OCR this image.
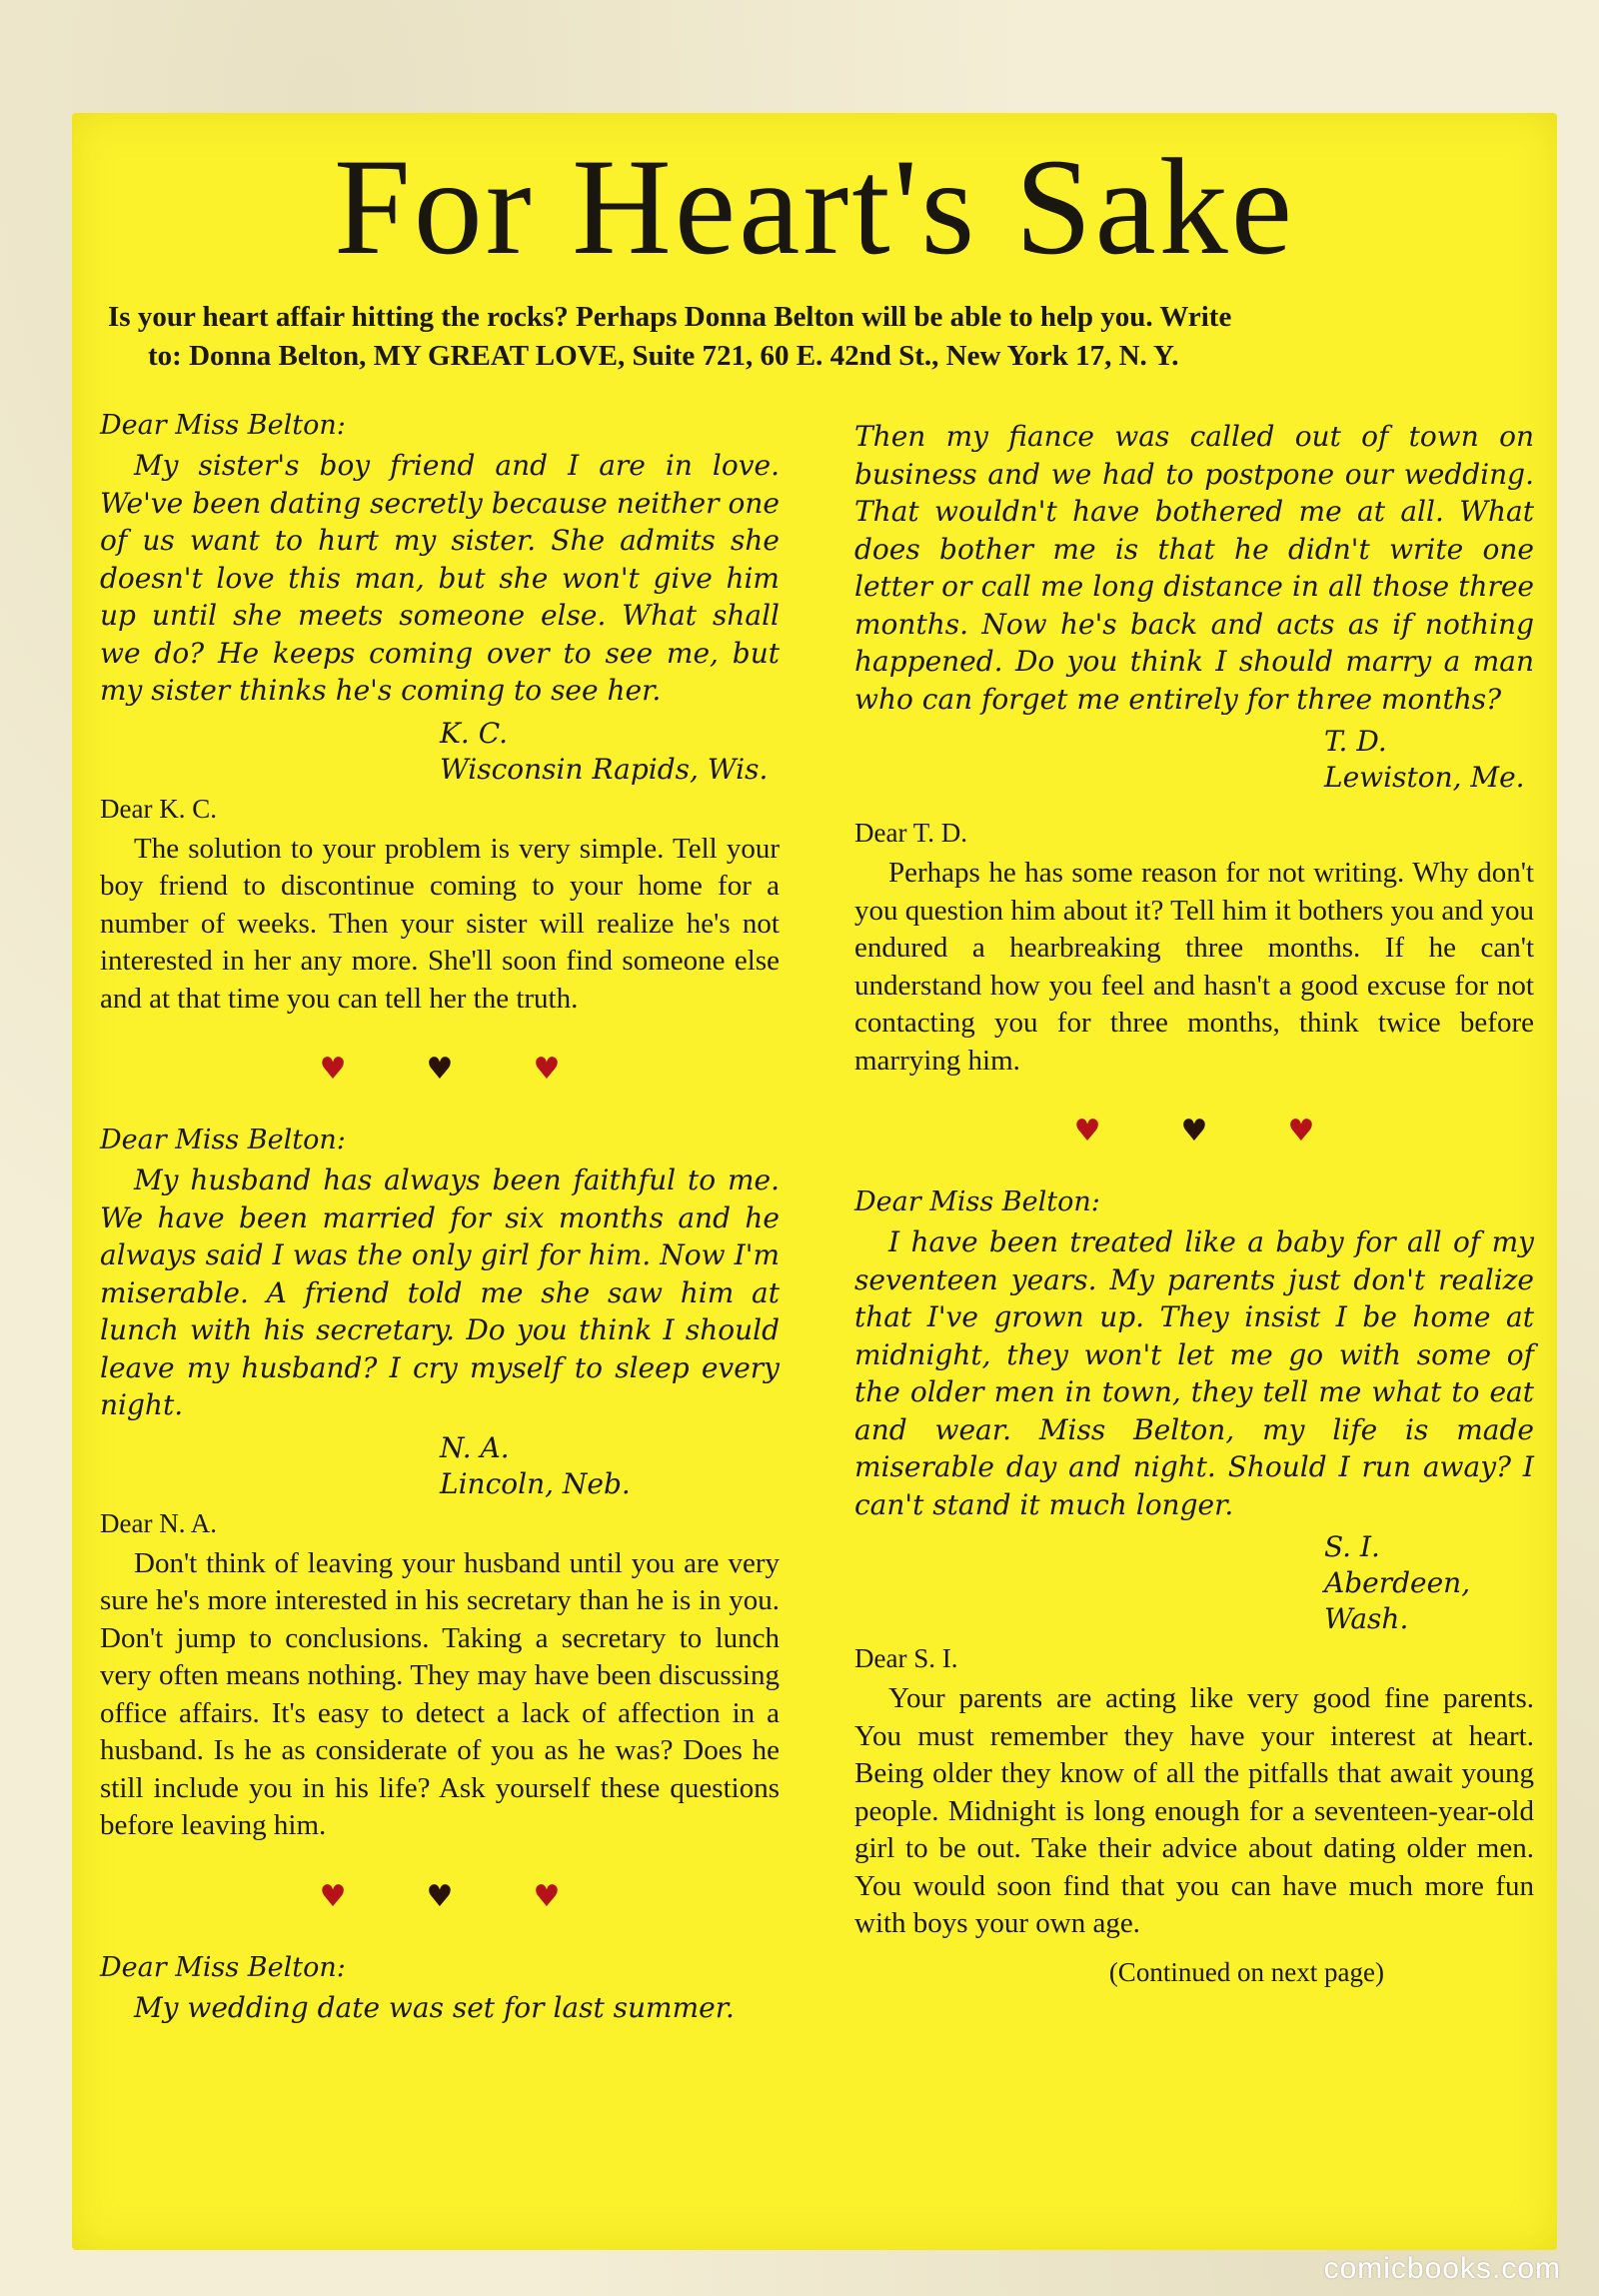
For Heart's Sake
Is your heart affair hitting the rocks? Perhaps Donna Belton will be able to help you. Write
to: Donna Belton, MY GREAT LOVE, Suite 721, 60 E. 42nd St., New York 17, N. Y.

Dear Miss Belton:

My sister's boy friend and I are in love. We've been dating secretly because neither one of us want to hurt my sister. She admits she doesn't love this man, but she won't give him up until she meets someone else. What shall we do? He keeps coming over to see me, but my sister thinks he's coming to see her.

K. C.
Wisconsin Rapids, Wis.

Dear K. C.

The solution to your problem is very simple. Tell your boy friend to discontinue coming to your home for a number of weeks. Then your sister will realize he's not interested in her any more. She'll soon find someone else and at that time you can tell her the truth.

♥	♥	♥

Dear Miss Belton:

My husband has always been faithful to me. We have been married for six months and he always said I was the only girl for him. Now I'm miserable. A friend told me she saw him at lunch with his secretary. Do you think I should leave my husband? I cry myself to sleep every night.

N. A.
Lincoln, Neb.

Dear N. A.

Don't think of leaving your husband until you are very sure he's more interested in his secretary than he is in you. Don't jump to conclusions. Taking a secretary to lunch very often means nothing. They may have been discussing office affairs. It's easy to detect a lack of affection in a husband. Is he as considerate of you as he was? Does he still include you in his life? Ask yourself these questions before leaving him.

♥	♥	♥

Dear Miss Belton:

My wedding date was set for last summer.

Then my fiance was called out of town on business and we had to postpone our wedding. That wouldn't have bothered me at all. What does bother me is that he didn't write one letter or call me long distance in all those three months. Now he's back and acts as if nothing happened. Do you think I should marry a man who can forget me entirely for three months?

T. D.
Lewiston, Me.

Dear T. D.

Perhaps he has some reason for not writing. Why don't you question him about it? Tell him it bothers you and you endured a hearbreaking three months. If he can't understand how you feel and hasn't a good excuse for not contacting you for three months, think twice before marrying him.

♥	♥	♥

Dear Miss Belton:

I have been treated like a baby for all of my seventeen years. My parents just don't realize that I've grown up. They insist I be home at midnight, they won't let me go with some of the older men in town, they tell me what to eat and wear. Miss Belton, my life is made miserable day and night. Should I run away? I can't stand it much longer.

S. I.
Aberdeen, Wash.

Dear S. I.

Your parents are acting like very good fine parents. You must remember they have your interest at heart. Being older they know of all the pitfalls that await young people. Midnight is long enough for a seventeen-year-old girl to be out. Take their advice about dating older men. You would soon find that you can have much more fun with boys your own age.

(Continued on next page)
comicbooks.com
